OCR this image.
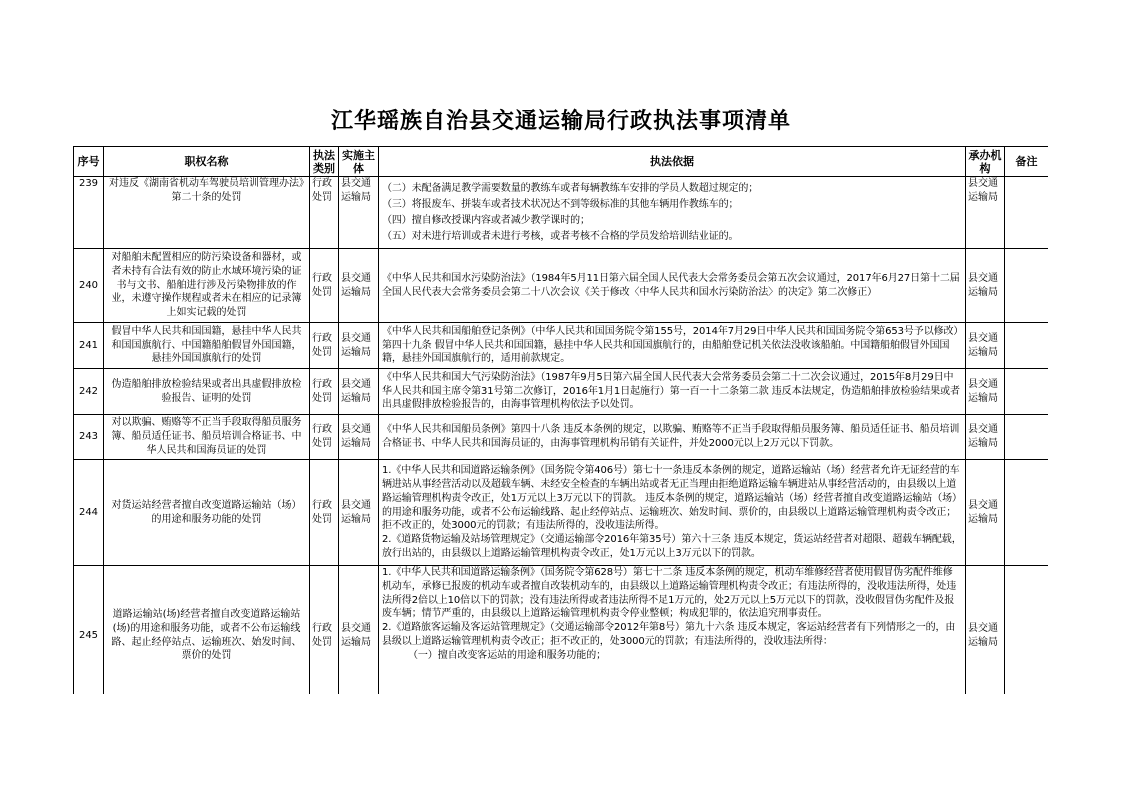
江华瑶族自治县交通运输局行政执法事项清单
序号	职权名称	执法类别	实施主体	执法依据	承办机构	备注
239	对违反《湖南省机动车驾驶员培训管理办法》第二十条的处罚	行政处罚	县交通运输局	（二）未配备满足教学需要数量的教练车或者每辆教练车安排的学员人数超过规定的；
（三）将报废车、拼装车或者技术状况达不到等级标准的其他车辆用作教练车的；
（四）擅自修改授课内容或者减少教学课时的；
（五）对未进行培训或者未进行考核，或者考核不合格的学员发给培训结业证的。	县交通运输局	
240	对船舶未配置相应的防污染设备和器材，或者未持有合法有效的防止水域环境污染的证书与文书、船舶进行涉及污染物排放的作业，未遵守操作规程或者未在相应的记录簿上如实记载的处罚	行政处罚	县交通运输局	《中华人民共和国水污染防治法》（1984年5月11日第六届全国人民代表大会常务委员会第五次会议通过，2017年6月27日第十二届全国人民代表大会常务委员会第二十八次会议《关于修改〈中华人民共和国水污染防治法〉的决定》第二次修正）	县交通运输局	
241	假冒中华人民共和国国籍，悬挂中华人民共和国国旗航行、中国籍船舶假冒外国国籍，悬挂外国国旗航行的处罚	行政处罚	县交通运输局	《中华人民共和国船舶登记条例》（中华人民共和国国务院令第155号，2014年7月29日中华人民共和国国务院令第653号予以修改）第四十九条 假冒中华人民共和国国籍，悬挂中华人民共和国国旗航行的，由船舶登记机关依法没收该船舶。中国籍船舶假冒外国国籍，悬挂外国国旗航行的，适用前款规定。	县交通运输局	
242	伪造船舶排放检验结果或者出具虚假排放检验报告、证明的处罚	行政处罚	县交通运输局	《中华人民共和国大气污染防治法》（1987年9月5日第六届全国人民代表大会常务委员会第二十二次会议通过，2015年8月29日中华人民共和国主席令第31号第二次修订，2016年1月1日起施行）第一百一十二条第二款 违反本法规定，伪造船舶排放检验结果或者出具虚假排放检验报告的，由海事管理机构依法予以处罚。	县交通运输局	
243	对以欺骗、贿赂等不正当手段取得船员服务簿、船员适任证书、船员培训合格证书、中华人民共和国海员证的处罚	行政处罚	县交通运输局	《中华人民共和国船员条例》第四十八条 违反本条例的规定，以欺骗、贿赂等不正当手段取得船员服务簿、船员适任证书、船员培训合格证书、中华人民共和国海员证的，由海事管理机构吊销有关证件，并处2000元以上2万元以下罚款。	县交通运输局	
244	对货运站经营者擅自改变道路运输站（场）的用途和服务功能的处罚	行政处罚	县交通运输局	1.《中华人民共和国道路运输条例》（国务院令第406号）第七十一条违反本条例的规定，道路运输站（场）经营者允许无证经营的车辆进站从事经营活动以及超载车辆、未经安全检查的车辆出站或者无正当理由拒绝道路运输车辆进站从事经营活动的，由县级以上道路运输管理机构责令改正，处1万元以上3万元以下的罚款。 违反本条例的规定，道路运输站（场）经营者擅自改变道路运输站（场）的用途和服务功能，或者不公布运输线路、起止经停站点、运输班次、始发时间、票价的，由县级以上道路运输管理机构责令改正；拒不改正的，处3000元的罚款；有违法所得的，没收违法所得。
2.《道路货物运输及站场管理规定》（交通运输部令2016年第35号）第六十三条 违反本规定，货运站经营者对超限、超载车辆配载，放行出站的，由县级以上道路运输管理机构责令改正，处1万元以上3万元以下的罚款。	县交通运输局	
245	道路运输站(场)经营者擅自改变道路运输站(场)的用途和服务功能，或者不公布运输线路、起止经停站点、运输班次、始发时间、票价的处罚	行政处罚	县交通运输局	1.《中华人民共和国道路运输条例》（国务院令第628号）第七十二条 违反本条例的规定，机动车维修经营者使用假冒伪劣配件维修机动车，承修已报废的机动车或者擅自改装机动车的，由县级以上道路运输管理机构责令改正；有违法所得的，没收违法所得，处违法所得2倍以上10倍以下的罚款；没有违法所得或者违法所得不足1万元的，处2万元以上5万元以下的罚款，没收假冒伪劣配件及报废车辆；情节严重的，由县级以上道路运输管理机构责令停业整顿；构成犯罪的，依法追究刑事责任。
2.《道路旅客运输及客运站管理规定》（交通运输部令2012年第8号）第九十六条 违反本规定，客运站经营者有下列情形之一的，由县级以上道路运输管理机构责令改正；拒不改正的，处3000元的罚款；有违法所得的，没收违法所得：
（一）擅自改变客运站的用途和服务功能的；	县交通运输局	
